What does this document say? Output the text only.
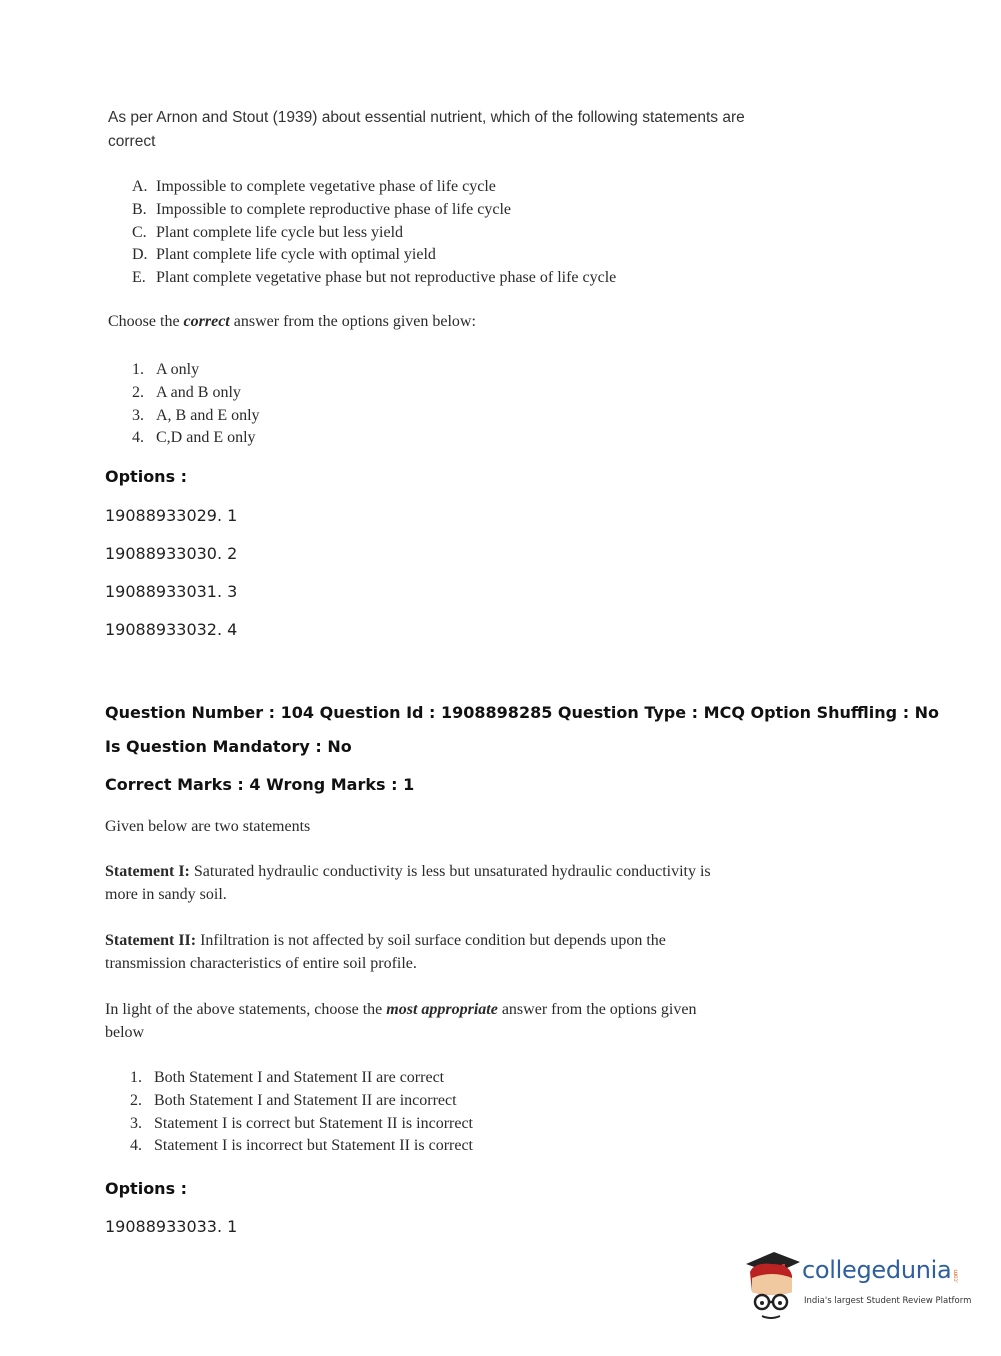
As per Arnon and Stout (1939) about essential nutrient, which of the following statements are correct
A. Impossible to complete vegetative phase of life cycle
B. Impossible to complete reproductive phase of life cycle
C. Plant complete life cycle but less yield
D. Plant complete life cycle with optimal yield
E. Plant complete vegetative phase but not reproductive phase of life cycle
Choose the correct answer from the options given below:
1. A only
2. A and B only
3. A, B and E only
4. C,D and E only
Options :
19088933029. 1
19088933030. 2
19088933031. 3
19088933032. 4
Question Number : 104 Question Id : 1908898285 Question Type : MCQ Option Shuffling : No
Is Question Mandatory : No
Correct Marks : 4 Wrong Marks : 1
Given below are two statements
Statement I: Saturated hydraulic conductivity is less but unsaturated hydraulic conductivity is more in sandy soil.
Statement II: Infiltration is not affected by soil surface condition but depends upon the transmission characteristics of entire soil profile.
In light of the above statements, choose the most appropriate answer from the options given below
1. Both Statement I and Statement II are correct
2. Both Statement I and Statement II are incorrect
3. Statement I is correct but Statement II is incorrect
4. Statement I is incorrect but Statement II is correct
Options :
19088933033. 1
collegedunia.com
India's largest Student Review Platform
